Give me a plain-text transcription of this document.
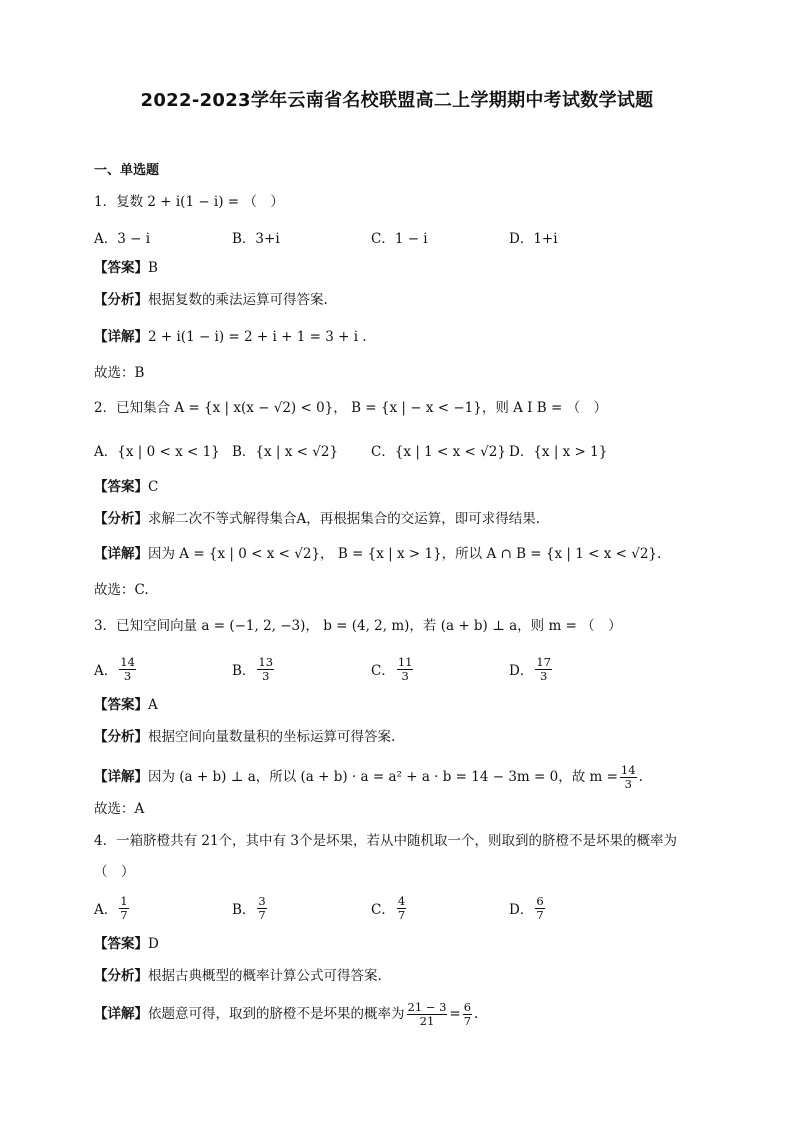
2022-2023学年云南省名校联盟高二上学期期中考试数学试题
一、单选题
1．复数 2 + i(1 − i) = （　）
A．3 − i	B．3+i	C．1 − i	D．1+i
【答案】B
【分析】根据复数的乘法运算可得答案.
【详解】2 + i(1 − i) = 2 + i + 1 = 3 + i .
故选：B
2．已知集合 A = {x | x(x − √2) < 0}， B = {x | − x < −1}，则 A I B = （　）
A．{x | 0 < x < 1} B．{x | x < √2} C．{x | 1 < x < √2} D．{x | x > 1}
【答案】C
【分析】求解二次不等式解得集合A，再根据集合的交运算，即可求得结果.
【详解】因为 A = {x | 0 < x < √2}， B = {x | x > 1}，所以 A ∩ B = {x | 1 < x < √2}.
故选：C.
3．已知空间向量 a = (−1, 2, −3)， b = (4, 2, m)，若 (a + b) ⊥ a，则 m = （　）
A． $\frac{14}{3}$	B． $\frac{13}{3}$	C． $\frac{11}{3}$	D． $\frac{17}{3}$
【答案】A
【分析】根据空间向量数量积的坐标运算可得答案.
【详解】 因为 (a + b) ⊥ a，所以 (a + b) · a = a² + a · b = 14 − 3m = 0，故 $m = \frac{14}{3}$ .
故选：A
4．一箱脐橙共有 21个，其中有 3个是坏果，若从中随机取一个，则取到的脐橙不是坏果的概率为
（　）
A． $\frac{1}{7}$	B． $\frac{3}{7}$	C． $\frac{4}{7}$	D． $\frac{6}{7}$
【答案】D
【分析】根据古典概型的概率计算公式可得答案.
【详解】 依题意可得，取到的脐橙不是坏果的概率为 $\frac{21 - 3}{21} = \frac{6}{7}$ .
